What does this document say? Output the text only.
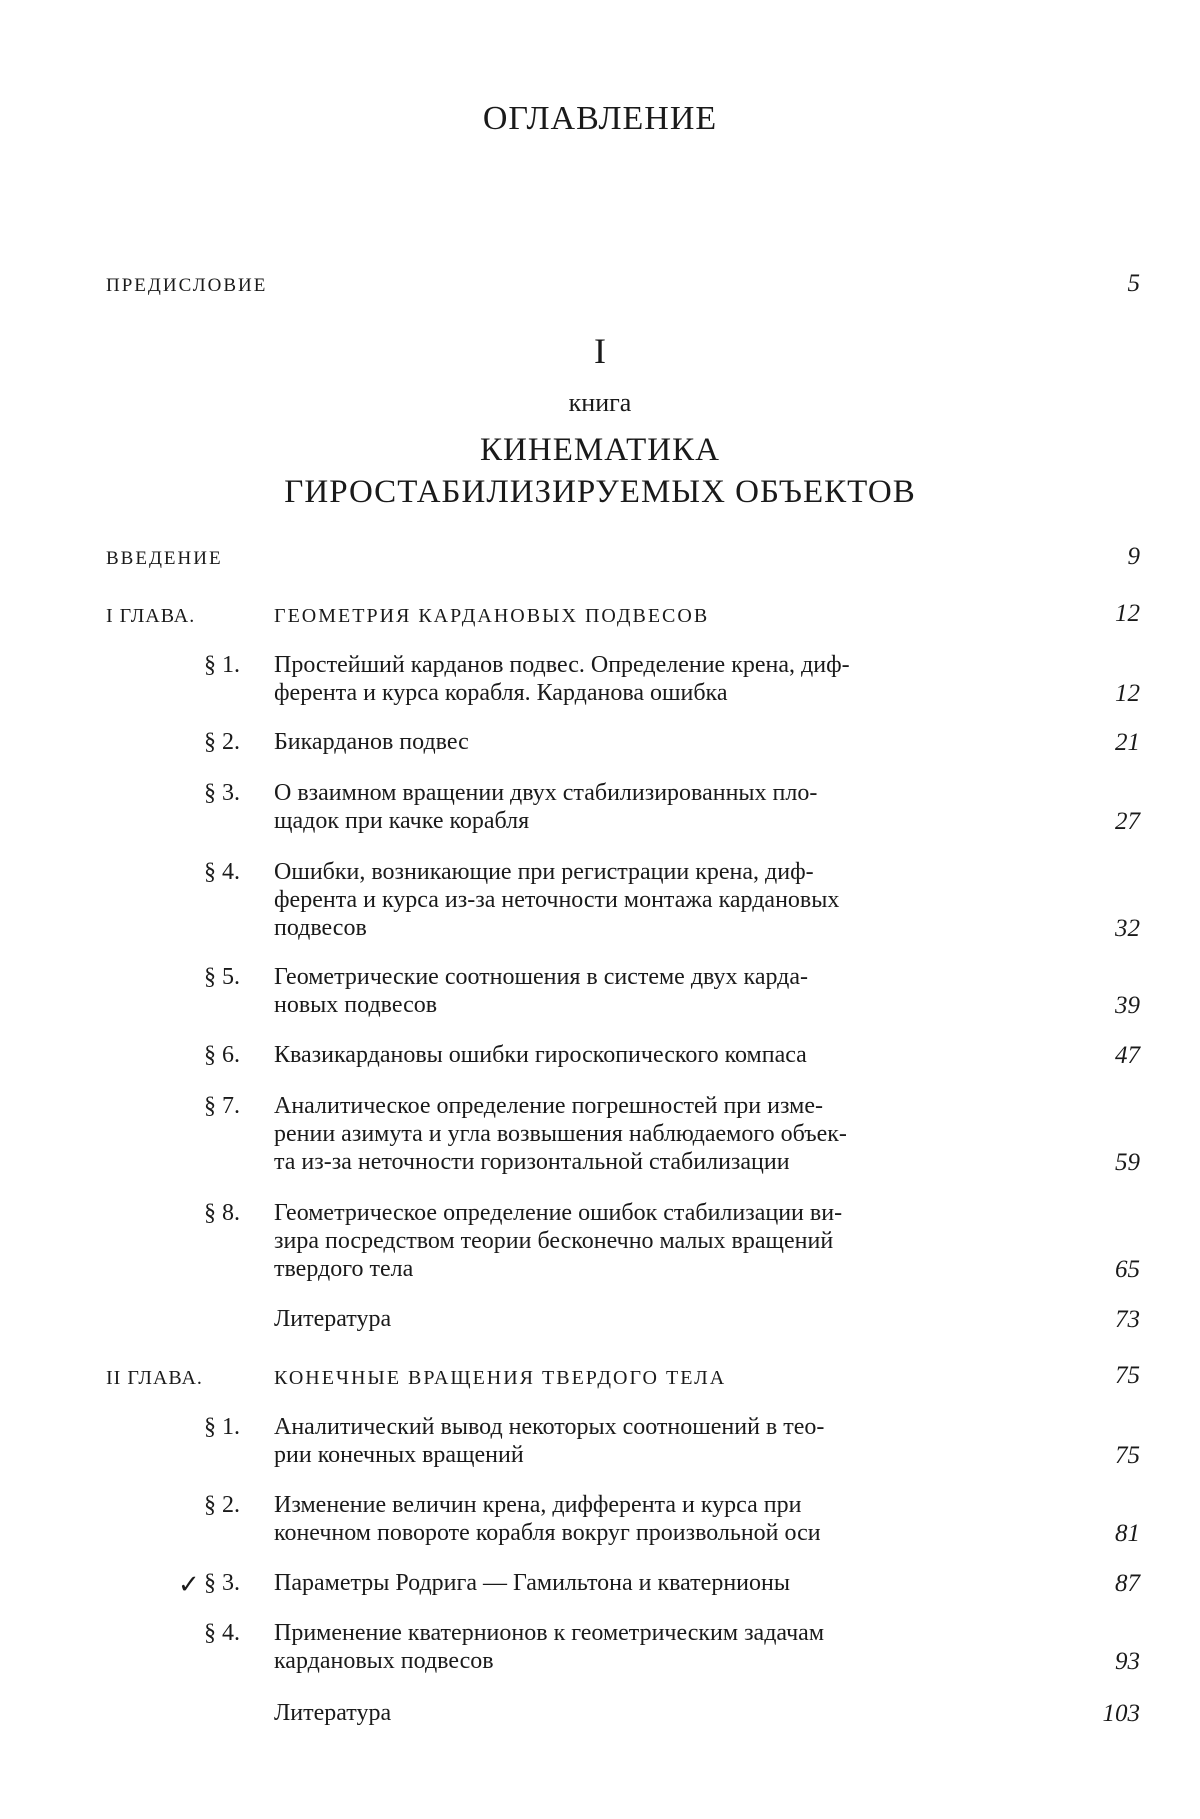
ОГЛАВЛЕНИЕ
ПРЕДИСЛОВИЕ	5
I
книга
КИНЕМАТИКА
ГИРОСТАБИЛИЗИРУЕМЫХ ОБЪЕКТОВ
ВВЕДЕНИЕ	9
I ГЛАВА.	ГЕОМЕТРИЯ КАРДАНОВЫХ ПОДВЕСОВ	12
§ 1. Простейший карданов подвес. Определение крена, диф-
ферента и курса корабля. Карданова ошибка	12
§ 2. Бикарданов подвес	21
§ 3. О взаимном вращении двух стабилизированных пло-
щадок при качке корабля	27
§ 4. Ошибки, возникающие при регистрации крена, диф-
ферента и курса из-за неточности монтажа кардановых
подвесов	32
§ 5. Геометрические соотношения в системе двух карда-
новых подвесов	39
§ 6. Квазикардановы ошибки гироскопического компаса	47
§ 7. Аналитическое определение погрешностей при изме-
рении азимута и угла возвышения наблюдаемого объек-
та из-за неточности горизонтальной стабилизации	59
§ 8. Геометрическое определение ошибок стабилизации ви-
зира посредством теории бесконечно малых вращений
твердого тела	65
Литература	73
II ГЛАВА.	КОНЕЧНЫЕ ВРАЩЕНИЯ ТВЕРДОГО ТЕЛА	75
§ 1. Аналитический вывод некоторых соотношений в тео-
рии конечных вращений	75
§ 2. Изменение величин крена, дифферента и курса при
конечном повороте корабля вокруг произвольной оси	81
✓ § 3. Параметры Родрига — Гамильтона и кватернионы	87
§ 4. Применение кватернионов к геометрическим задачам
кардановых подвесов	93
Литература	103
